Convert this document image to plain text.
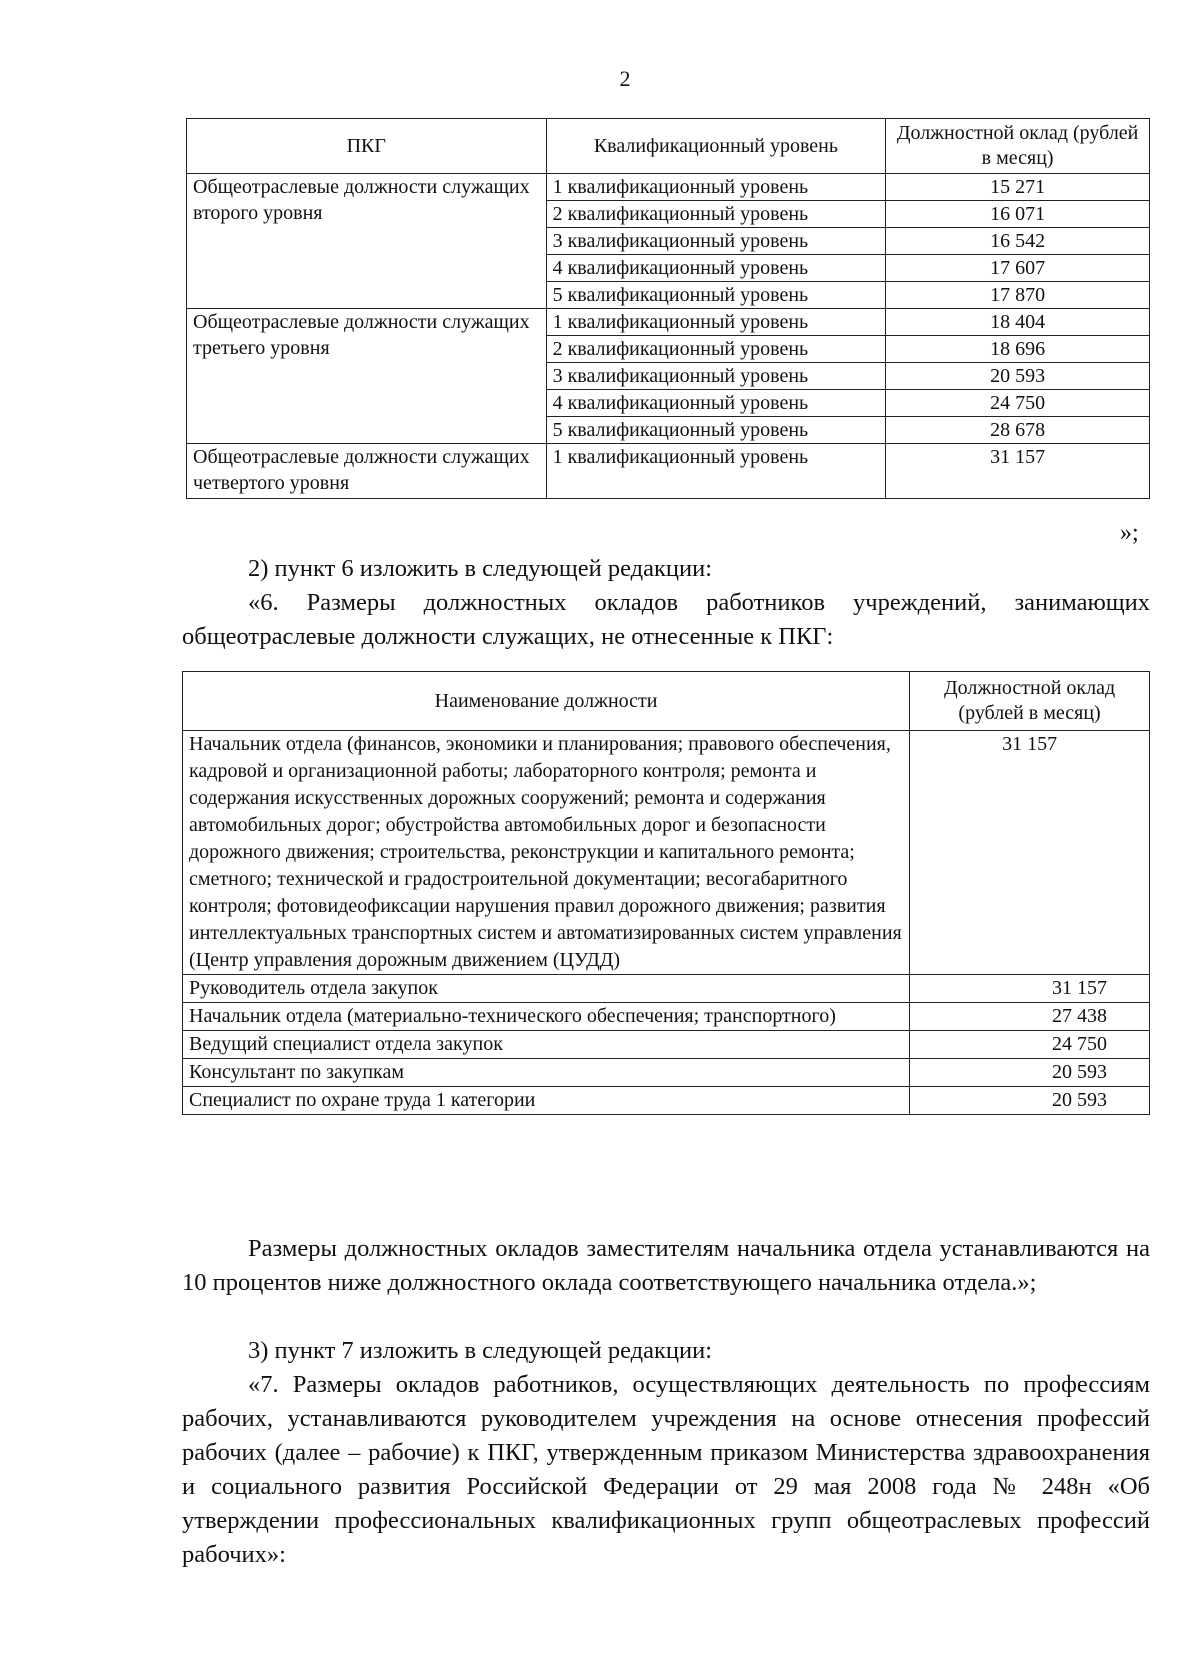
2
ПКГ	Квалификационный уровень	Должностной оклад (рублей в месяц)
Общеотраслевые должности служащих второго уровня	1 квалификационный уровень	15 271
	2 квалификационный уровень	16 071
	3 квалификационный уровень	16 542
	4 квалификационный уровень	17 607
	5 квалификационный уровень	17 870
Общеотраслевые должности служащих третьего уровня	1 квалификационный уровень	18 404
	2 квалификационный уровень	18 696
	3 квалификационный уровень	20 593
	4 квалификационный уровень	24 750
	5 квалификационный уровень	28 678
Общеотраслевые должности служащих четвертого уровня	1 квалификационный уровень	31 157
»;
2) пункт 6 изложить в следующей редакции:
«6. Размеры должностных окладов работников учреждений, занимающих общеотраслевые должности служащих, не отнесенные к ПКГ:
Наименование должности	Должностной оклад (рублей в месяц)
Начальник отдела (финансов, экономики и планирования; правового обеспечения, кадровой и организационной работы; лабораторного контроля; ремонта и содержания искусственных дорожных сооружений; ремонта и содержания автомобильных дорог; обустройства автомобильных дорог и безопасности дорожного движения; строительства, реконструкции и капитального ремонта; сметного; технической и градостроительной документации; весогабаритного контроля; фотовидеофиксации нарушения правил дорожного движения; развития интеллектуальных транспортных систем и автоматизированных систем управления (Центр управления дорожным движением (ЦУДД)	31 157
Руководитель отдела закупок	31 157
Начальник отдела (материально-технического обеспечения; транспортного)	27 438
Ведущий специалист отдела закупок	24 750
Консультант по закупкам	20 593
Специалист по охране труда 1 категории	20 593
Размеры должностных окладов заместителям начальника отдела устанавливаются на 10 процентов ниже должностного оклада соответствующего начальника отдела.»;
3) пункт 7 изложить в следующей редакции:
«7. Размеры окладов работников, осуществляющих деятельность по профессиям рабочих, устанавливаются руководителем учреждения на основе отнесения профессий рабочих (далее – рабочие) к ПКГ, утвержденным приказом Министерства здравоохранения и социального развития Российской Федерации от 29 мая 2008 года № 248н «Об утверждении профессиональных квалификационных групп общеотраслевых профессий рабочих»:
